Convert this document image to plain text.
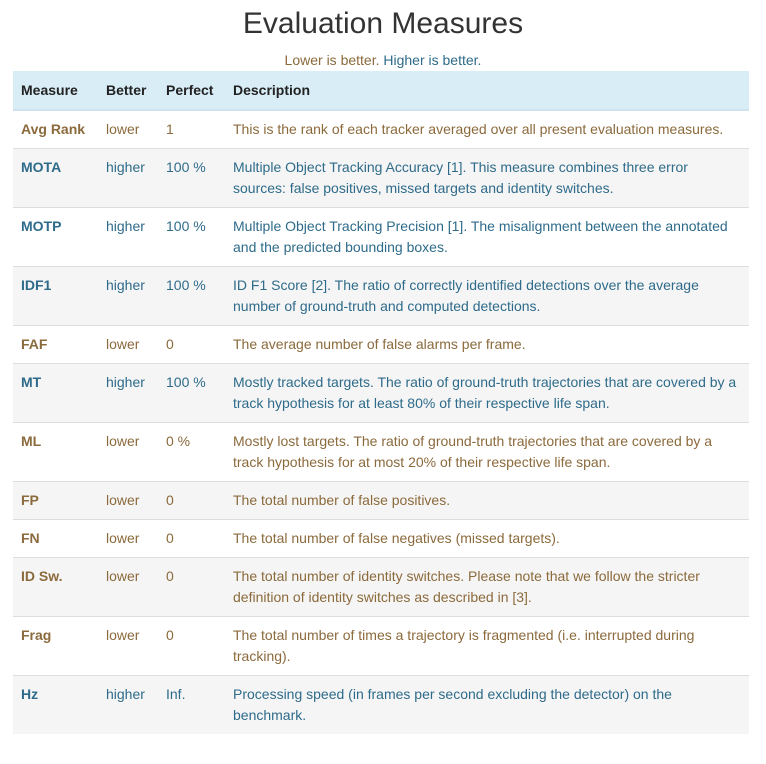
Evaluation Measures
Lower is better. Higher is better.
Measure	Better	Perfect	Description
Avg Rank	lower	1	This is the rank of each tracker averaged over all present evaluation measures.
MOTA	higher	100 %	Multiple Object Tracking Accuracy [1]. This measure combines three error sources: false positives, missed targets and identity switches.
MOTP	higher	100 %	Multiple Object Tracking Precision [1]. The misalignment between the annotated and the predicted bounding boxes.
IDF1	higher	100 %	ID F1 Score [2]. The ratio of correctly identified detections over the average number of ground-truth and computed detections.
FAF	lower	0	The average number of false alarms per frame.
MT	higher	100 %	Mostly tracked targets. The ratio of ground-truth trajectories that are covered by a track hypothesis for at least 80% of their respective life span.
ML	lower	0 %	Mostly lost targets. The ratio of ground-truth trajectories that are covered by a track hypothesis for at most 20% of their respective life span.
FP	lower	0	The total number of false positives.
FN	lower	0	The total number of false negatives (missed targets).
ID Sw.	lower	0	The total number of identity switches. Please note that we follow the stricter definition of identity switches as described in [3].
Frag	lower	0	The total number of times a trajectory is fragmented (i.e. interrupted during tracking).
Hz	higher	Inf.	Processing speed (in frames per second excluding the detector) on the benchmark.
